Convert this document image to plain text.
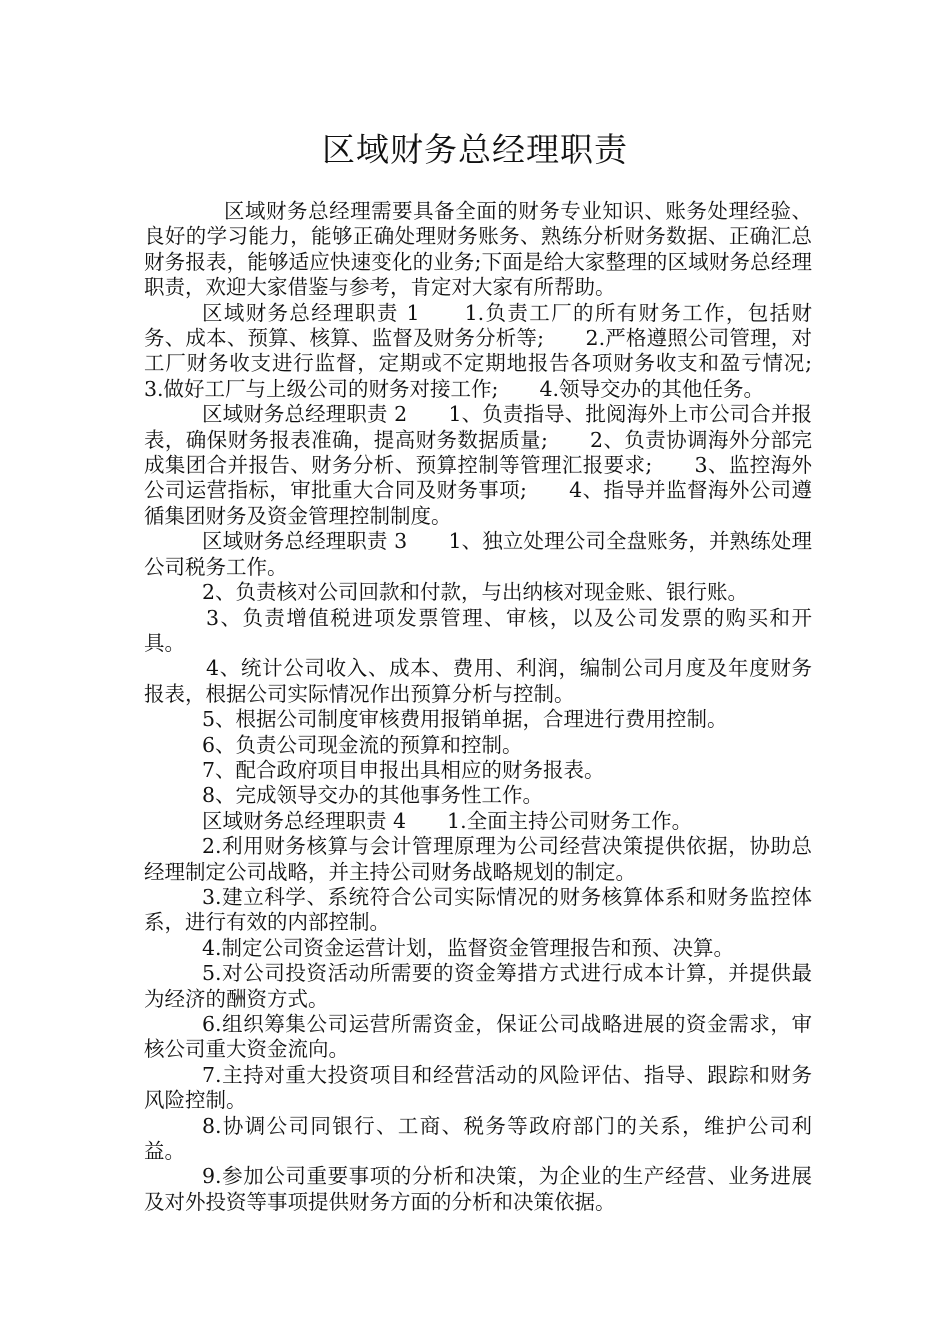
区域财务总经理职责

区域财务总经理需要具备全面的财务专业知识、账务处理经验、良好的学习能力，能够正确处理财务账务、熟练分析财务数据、正确汇总财务报表，能够适应快速变化的业务;下面是给大家整理的区域财务总经理职责，欢迎大家借鉴与参考，肯定对大家有所帮助。

区域财务总经理职责 1　　1.负责工厂的所有财务工作，包括财务、成本、预算、核算、监督及财务分析等;　　2.严格遵照公司管理，对工厂财务收支进行监督，定期或不定期地报告各项财务收支和盈亏情况;　　3.做好工厂与上级公司的财务对接工作;　　4.领导交办的其他任务。

区域财务总经理职责 2　　1、负责指导、批阅海外上市公司合并报表，确保财务报表准确，提高财务数据质量;　　2、负责协调海外分部完成集团合并报告、财务分析、预算控制等管理汇报要求;　　3、监控海外公司运营指标，审批重大合同及财务事项;　　4、指导并监督海外公司遵循集团财务及资金管理控制制度。

区域财务总经理职责 3　　1、独立处理公司全盘账务，并熟练处理公司税务工作。

2、负责核对公司回款和付款，与出纳核对现金账、银行账。

3、负责增值税进项发票管理、审核，以及公司发票的购买和开具。

4、统计公司收入、成本、费用、利润，编制公司月度及年度财务报表，根据公司实际情况作出预算分析与控制。

5、根据公司制度审核费用报销单据，合理进行费用控制。

6、负责公司现金流的预算和控制。

7、配合政府项目申报出具相应的财务报表。

8、完成领导交办的其他事务性工作。

区域财务总经理职责 4　　1.全面主持公司财务工作。

2.利用财务核算与会计管理原理为公司经营决策提供依据，协助总经理制定公司战略，并主持公司财务战略规划的制定。

3.建立科学、系统符合公司实际情况的财务核算体系和财务监控体系，进行有效的内部控制。

4.制定公司资金运营计划，监督资金管理报告和预、决算。

5.对公司投资活动所需要的资金筹措方式进行成本计算，并提供最为经济的酬资方式。

6.组织筹集公司运营所需资金，保证公司战略进展的资金需求，审核公司重大资金流向。

7.主持对重大投资项目和经营活动的风险评估、指导、跟踪和财务风险控制。

8.协调公司同银行、工商、税务等政府部门的关系，维护公司利益。

9.参加公司重要事项的分析和决策，为企业的生产经营、业务进展及对外投资等事项提供财务方面的分析和决策依据。
